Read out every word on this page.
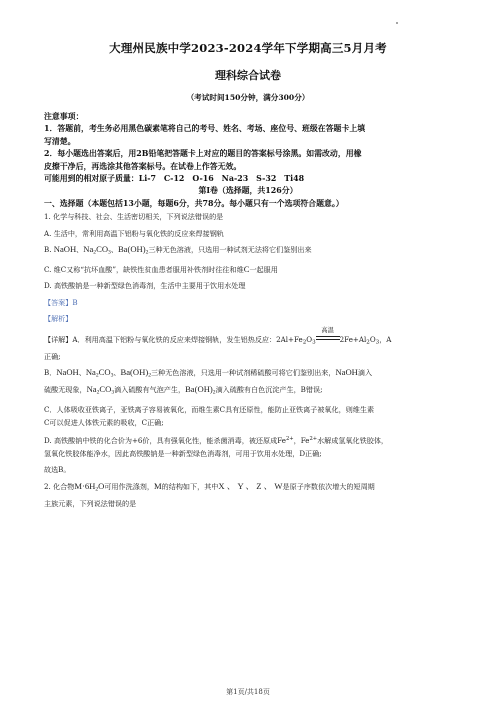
大理州民族中学2023-2024学年下学期高三5月月考
理科综合试卷
（考试时间150分钟，满分300分）
注意事项：
1．答题前，考生务必用黑色碳素笔将自己的考号、姓名、考场、座位号、班级在答题卡上填
写清楚。
2．每小题选出答案后，用2B铅笔把答题卡上对应的题目的答案标号涂黑。如需改动，用橡
皮擦干净后，再选涂其他答案标号。在试卷上作答无效。
可能用到的相对原子质量：Li-7　C-12　O-16　Na-23　S-32　Ti48
第Ⅰ卷（选择题，共126分）
一、选择题（本题包括13小题，每题6分，共78分。每小题只有一个选项符合题意。）

1. 化学与科技、社会、生活密切相关，下列说法错误的是

A. 生活中，常利用高温下铝粉与氧化铁的反应来焊接钢轨

B. NaOH、$Na_2CO_3$、$Ba(OH)_2$三种无色溶液，只选用一种试剂无法将它们鉴别出来

C. 维C又称“抗坏血酸”，缺铁性贫血患者服用补铁剂时往往和维C一起服用

D. 高铁酸钠是一种新型绿色消毒剂，生活中主要用于饮用水处理

【答案】B

【解析】

【详解】A．利用高温下铝粉与氧化铁的反应来焊接钢轨，发生铝热反应：$2Al+Fe_2O_3$
高温
$2Fe+Al_2O_3$，A

正确;

B．NaOH、$Na_2CO_3$、$Ba(OH)_2$三种无色溶液，只选用一种试剂稀硫酸可将它们鉴别出来，NaOH滴入

硫酸无现象，$Na_2CO_3$滴入硫酸有气泡产生，$Ba(OH)_2$滴入硫酸有白色沉淀产生，B错误;

C．人体吸收亚铁离子，亚铁离子容易被氧化，而维生素C具有还原性，能防止亚铁离子被氧化，则维生素

C可以促进人体铁元素的吸收，C正确;

D. 高铁酸钠中铁的化合价为+6价，具有强氧化性，能杀菌消毒，被还原成$Fe^{2+}$，$Fe^{2+}$水解成氢氧化铁胶体，

氢氧化铁胶体能净水，因此高铁酸钠是一种新型绿色消毒剂，可用于饮用水处理，D正确;

故选B。

2. 化合物$M\cdot 6H_2O$可用作洗涤剂，M的结构如下，其中X 、 Y 、 Z 、 W是原子序数依次增大的短周期

主族元素，下列说法错误的是

第1页/共18页
